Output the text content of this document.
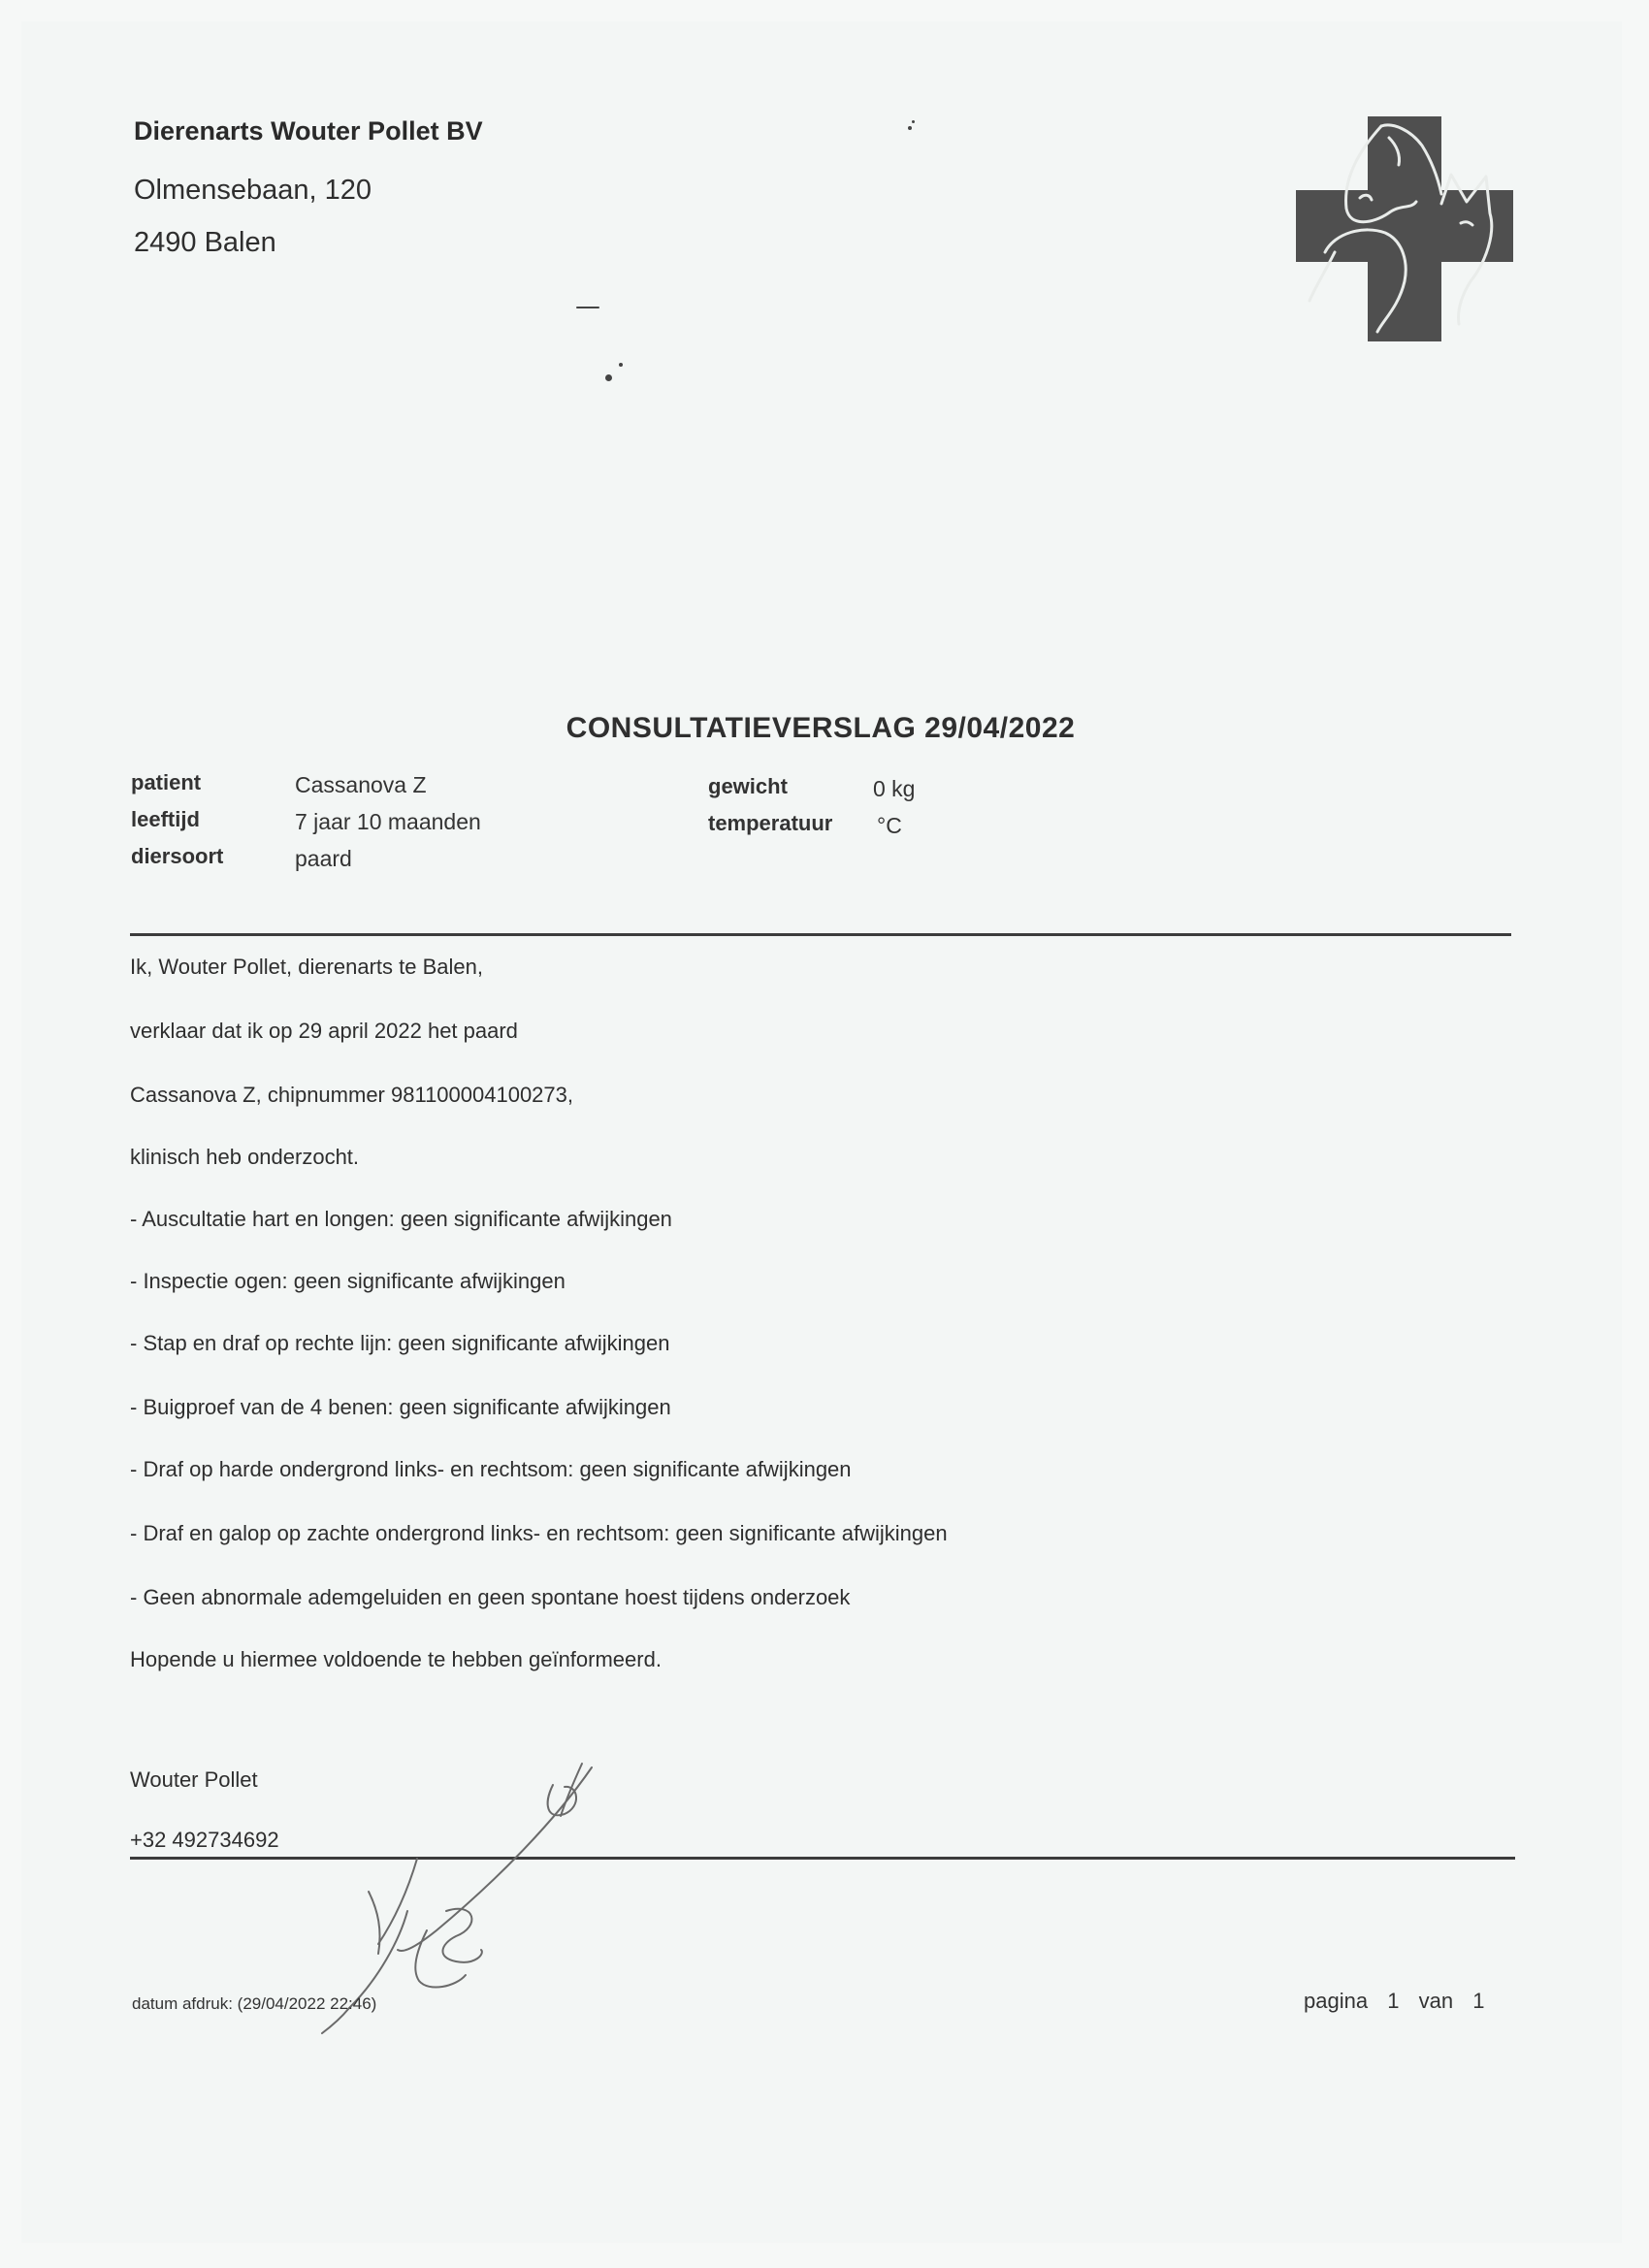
Dierenarts Wouter Pollet BV
Olmensebaan, 120
2490 Balen
CONSULTATIEVERSLAG 29/04/2022
patient	Cassanova Z
leeftijd	7 jaar 10 maanden
diersoort	paard
gewicht	0 kg
temperatuur °C
Ik, Wouter Pollet, dierenarts te Balen,
verklaar dat ik op 29 april 2022 het paard
Cassanova Z, chipnummer 981100004100273,
klinisch heb onderzocht.
- Auscultatie hart en longen: geen significante afwijkingen
- Inspectie ogen: geen significante afwijkingen
- Stap en draf op rechte lijn: geen significante afwijkingen
- Buigproef van de 4 benen: geen significante afwijkingen
- Draf op harde ondergrond links- en rechtsom: geen significante afwijkingen
- Draf en galop op zachte ondergrond links- en rechtsom: geen significante afwijkingen
- Geen abnormale ademgeluiden en geen spontane hoest tijdens onderzoek
Hopende u hiermee voldoende te hebben geïnformeerd.
Wouter Pollet
+32 492734692
datum afdruk: (29/04/2022 22:46)	pagina 1 van 1
